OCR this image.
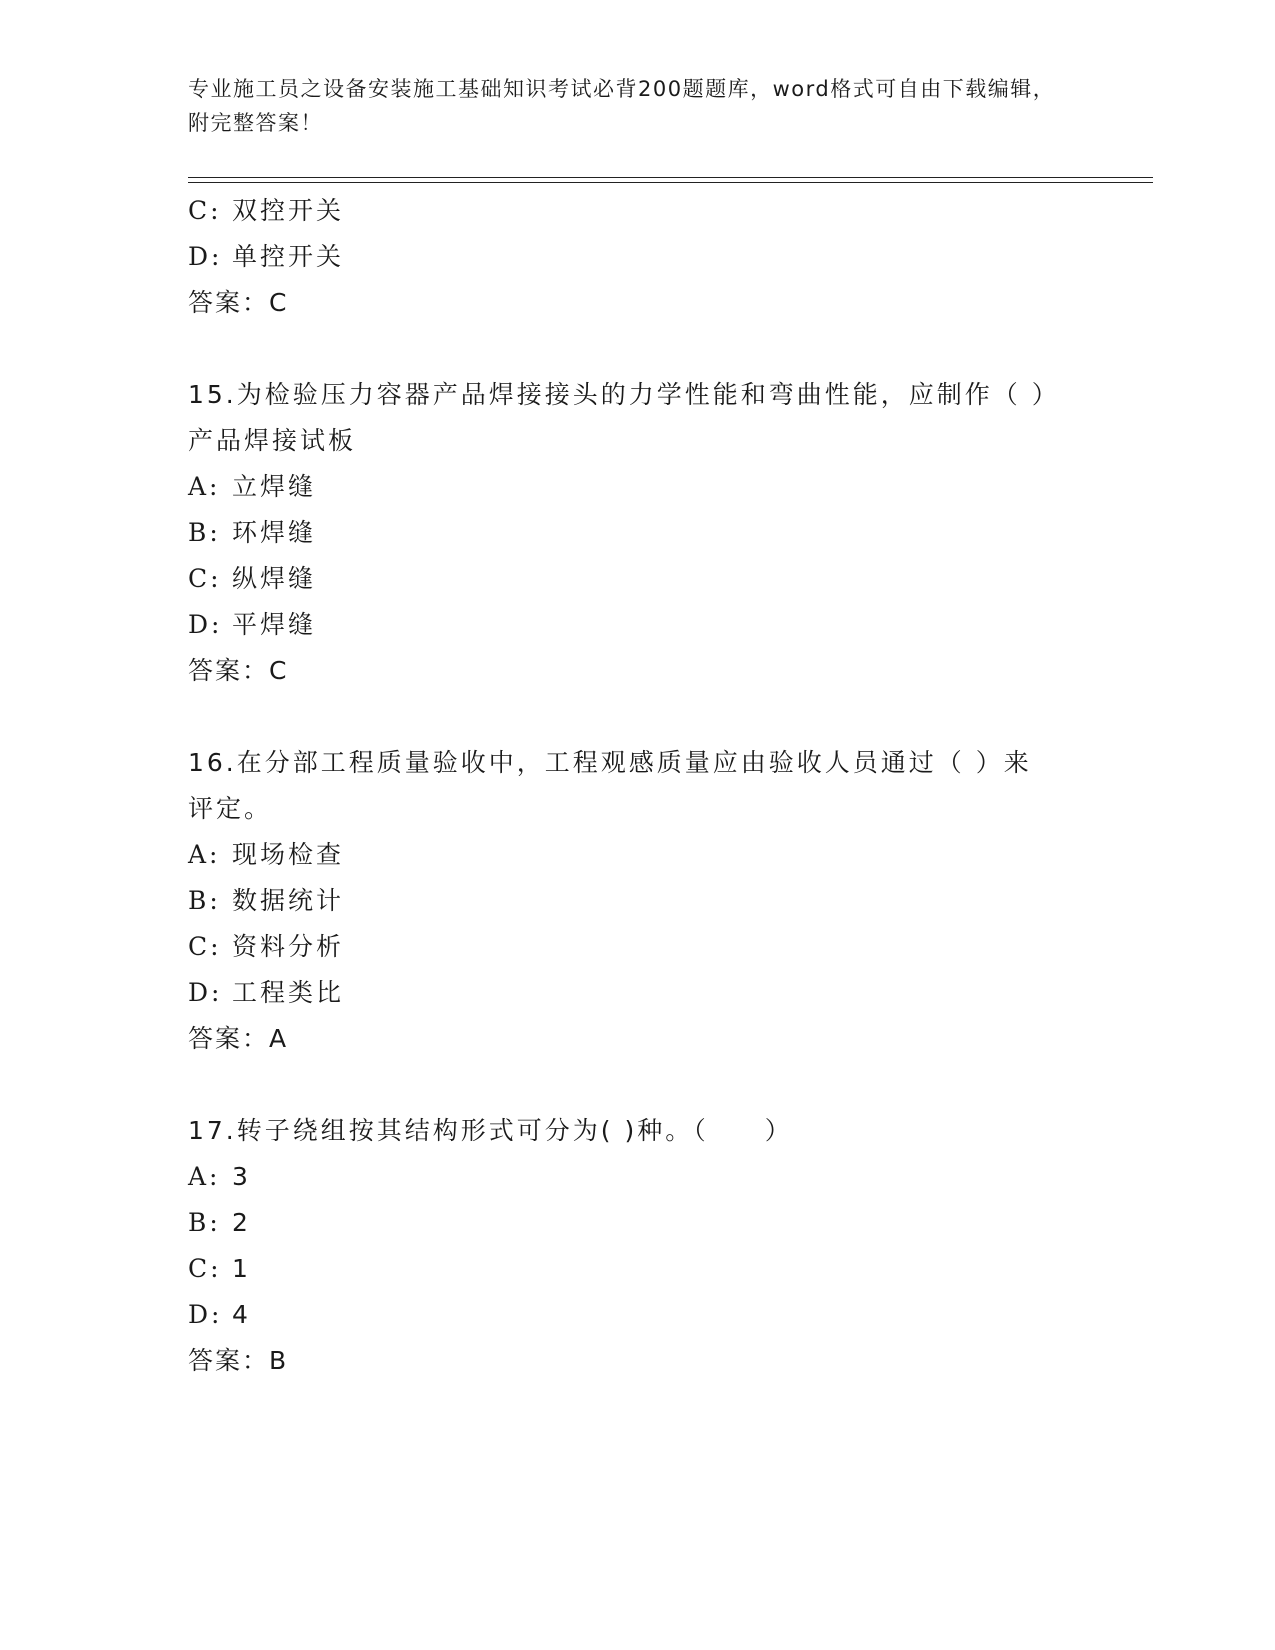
专业施工员之设备安装施工基础知识考试必背200题题库，word格式可自由下载编辑，附完整答案！
C: 双控开关
D: 单控开关
答案：C
15.为检验压力容器产品焊接接头的力学性能和弯曲性能，应制作（ ）产品焊接试板
A: 立焊缝
B: 环焊缝
C: 纵焊缝
D: 平焊缝
答案：C
16.在分部工程质量验收中，工程观感质量应由验收人员通过（ ）来评定。
A: 现场检查
B: 数据统计
C: 资料分析
D: 工程类比
答案：A
17.转子绕组按其结构形式可分为( )种。（　　）
A: 3
B: 2
C: 1
D: 4
答案：B
